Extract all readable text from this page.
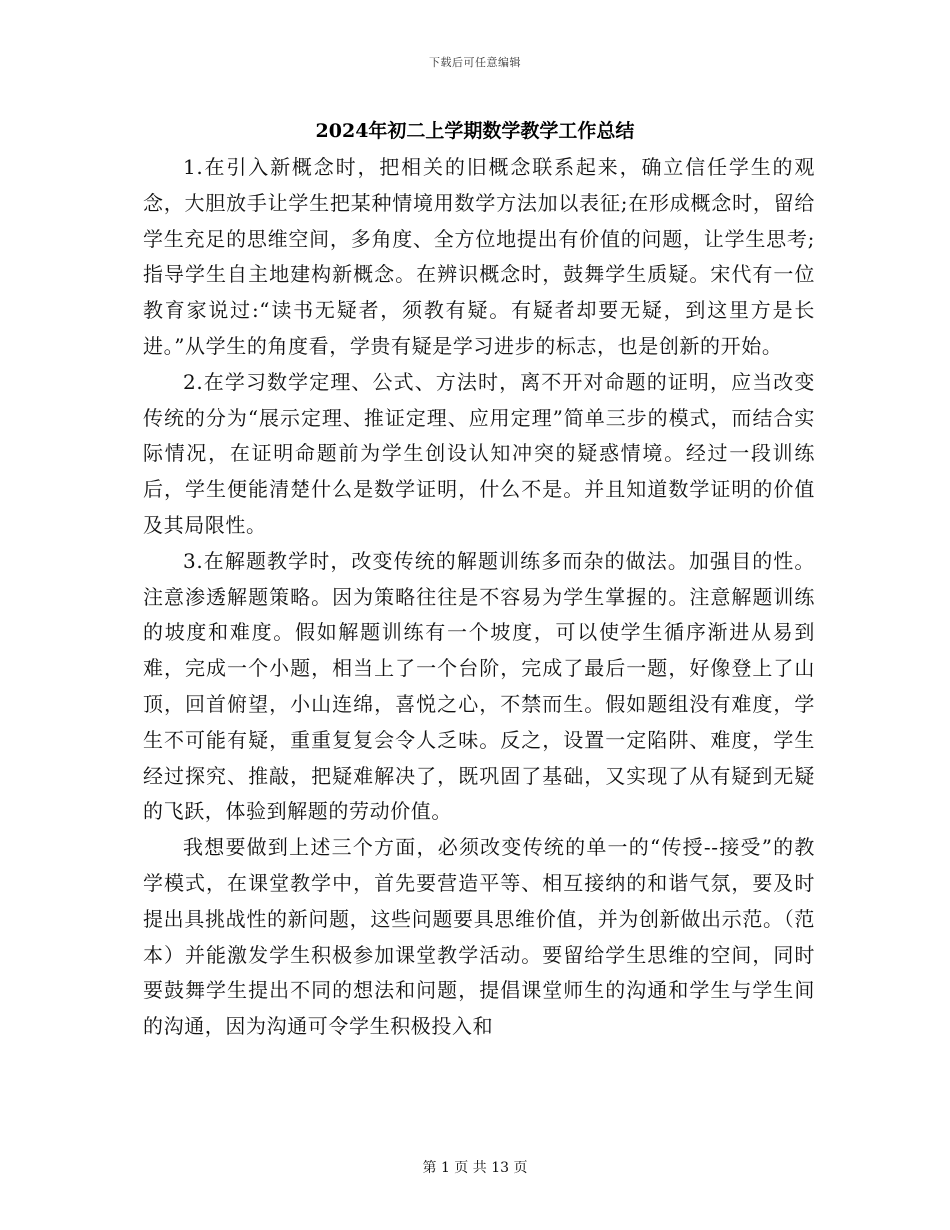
下载后可任意编辑
2024年初二上学期数学教学工作总结

1.在引入新概念时，把相关的旧概念联系起来，确立信任学生的观念，大胆放手让学生把某种情境用数学方法加以表征;在形成概念时，留给学生充足的思维空间，多角度、全方位地提出有价值的问题，让学生思考;指导学生自主地建构新概念。在辨识概念时，鼓舞学生质疑。宋代有一位教育家说过:“读书无疑者，须教有疑。有疑者却要无疑，到这里方是长进。”从学生的角度看，学贵有疑是学习进步的标志，也是创新的开始。

2.在学习数学定理、公式、方法时，离不开对命题的证明，应当改变传统的分为“展示定理、推证定理、应用定理”简单三步的模式，而结合实际情况，在证明命题前为学生创设认知冲突的疑惑情境。经过一段训练后，学生便能清楚什么是数学证明，什么不是。并且知道数学证明的价值及其局限性。

3.在解题教学时，改变传统的解题训练多而杂的做法。加强目的性。注意渗透解题策略。因为策略往往是不容易为学生掌握的。注意解题训练的坡度和难度。假如解题训练有一个坡度，可以使学生循序渐进从易到难，完成一个小题，相当上了一个台阶，完成了最后一题，好像登上了山顶，回首俯望，小山连绵，喜悦之心，不禁而生。假如题组没有难度，学生不可能有疑，重重复复会令人乏味。反之，设置一定陷阱、难度，学生经过探究、推敲，把疑难解决了，既巩固了基础，又实现了从有疑到无疑的飞跃，体验到解题的劳动价值。

我想要做到上述三个方面，必须改变传统的单一的“传授--接受”的教学模式，在课堂教学中，首先要营造平等、相互接纳的和谐气氛，要及时提出具挑战性的新问题，这些问题要具思维价值，并为创新做出示范。（范本）并能激发学生积极参加课堂教学活动。要留给学生思维的空间，同时要鼓舞学生提出不同的想法和问题，提倡课堂师生的沟通和学生与学生间的沟通，因为沟通可令学生积极投入和

第 1 页 共 13 页
